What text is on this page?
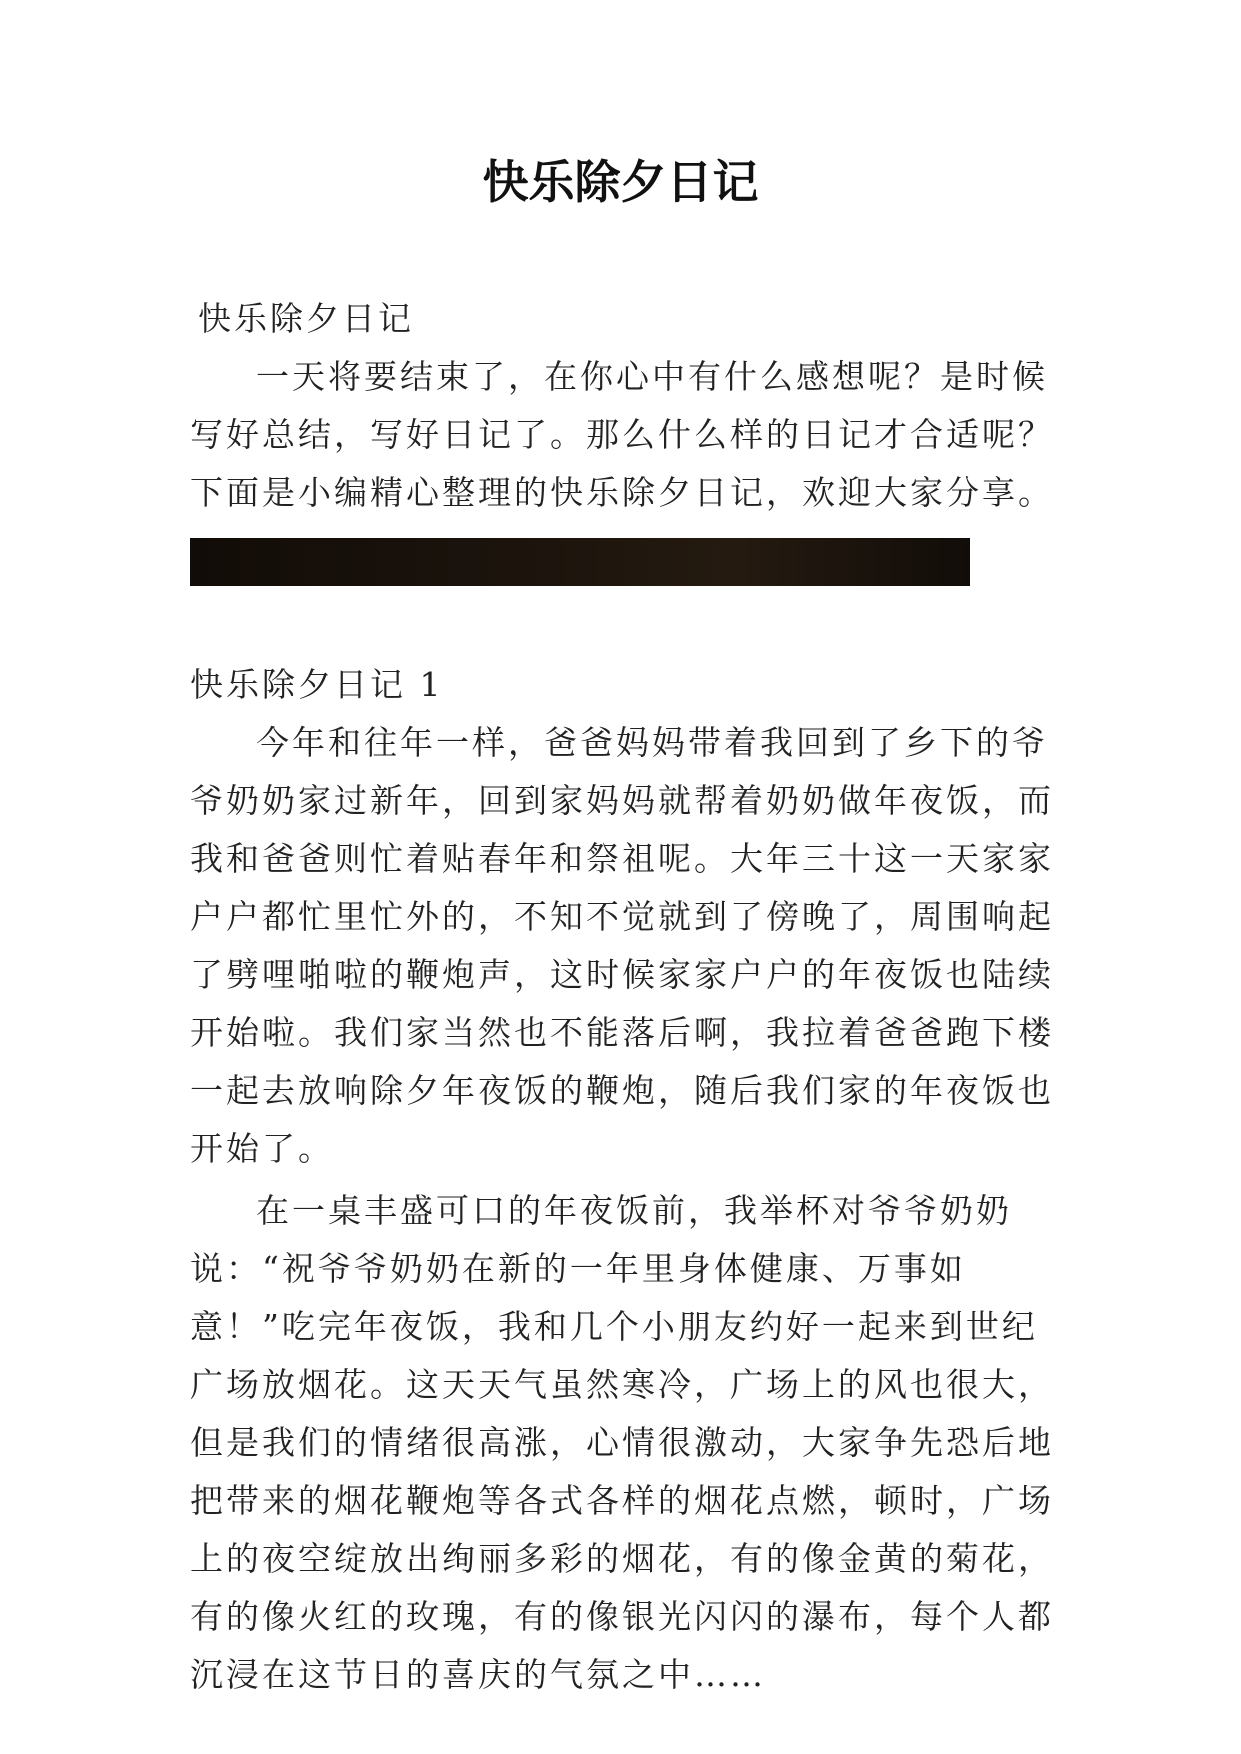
快乐除夕日记
快乐除夕日记
一天将要结束了，在你心中有什么感想呢？是时候写好总结，写好日记了。那么什么样的日记才合适呢？下面是小编精心整理的快乐除夕日记，欢迎大家分享。
快乐除夕日记 1
今年和往年一样，爸爸妈妈带着我回到了乡下的爷爷奶奶家过新年，回到家妈妈就帮着奶奶做年夜饭，而我和爸爸则忙着贴春年和祭祖呢。大年三十这一天家家户户都忙里忙外的，不知不觉就到了傍晚了，周围响起了劈哩啪啦的鞭炮声，这时候家家户户的年夜饭也陆续开始啦。我们家当然也不能落后啊，我拉着爸爸跑下楼一起去放响除夕年夜饭的鞭炮，随后我们家的年夜饭也开始了。
在一桌丰盛可口的年夜饭前，我举杯对爷爷奶奶说：“祝爷爷奶奶在新的一年里身体健康、万事如意！”吃完年夜饭，我和几个小朋友约好一起来到世纪广场放烟花。这天天气虽然寒冷，广场上的风也很大，但是我们的情绪很高涨，心情很激动，大家争先恐后地把带来的烟花鞭炮等各式各样的烟花点燃，顿时，广场上的夜空绽放出绚丽多彩的烟花，有的像金黄的菊花，有的像火红的玫瑰，有的像银光闪闪的瀑布，每个人都沉浸在这节日的喜庆的气氛之中……
